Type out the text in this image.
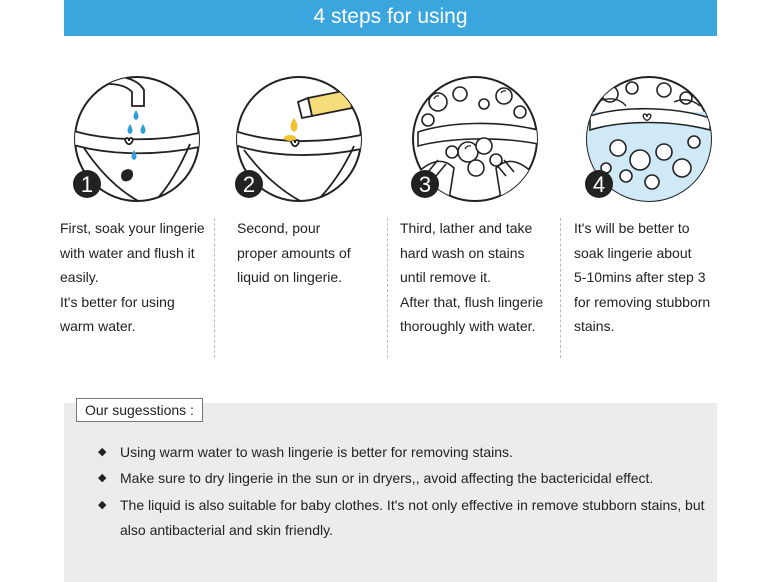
4 steps for using
1	2	3	4
First, soak your lingerie
with water and flush it
easily.
It's better for using
warm water.
Second, pour
proper amounts of
liquid on lingerie.
Third, lather and take
hard wash on stains
until remove it.
After that, flush lingerie
thoroughly with water.
It's will be better to
soak lingerie about
5-10mins after step 3
for removing stubborn
stains.
Our sugesstions :
◆ Using warm water to wash lingerie is better for removing stains.
◆ Make sure to dry lingerie in the sun or in dryers,, avoid affecting the bactericidal effect.
◆ The liquid is also suitable for baby clothes. It's not only effective in remove stubborn stains, but
also antibacterial and skin friendly.
